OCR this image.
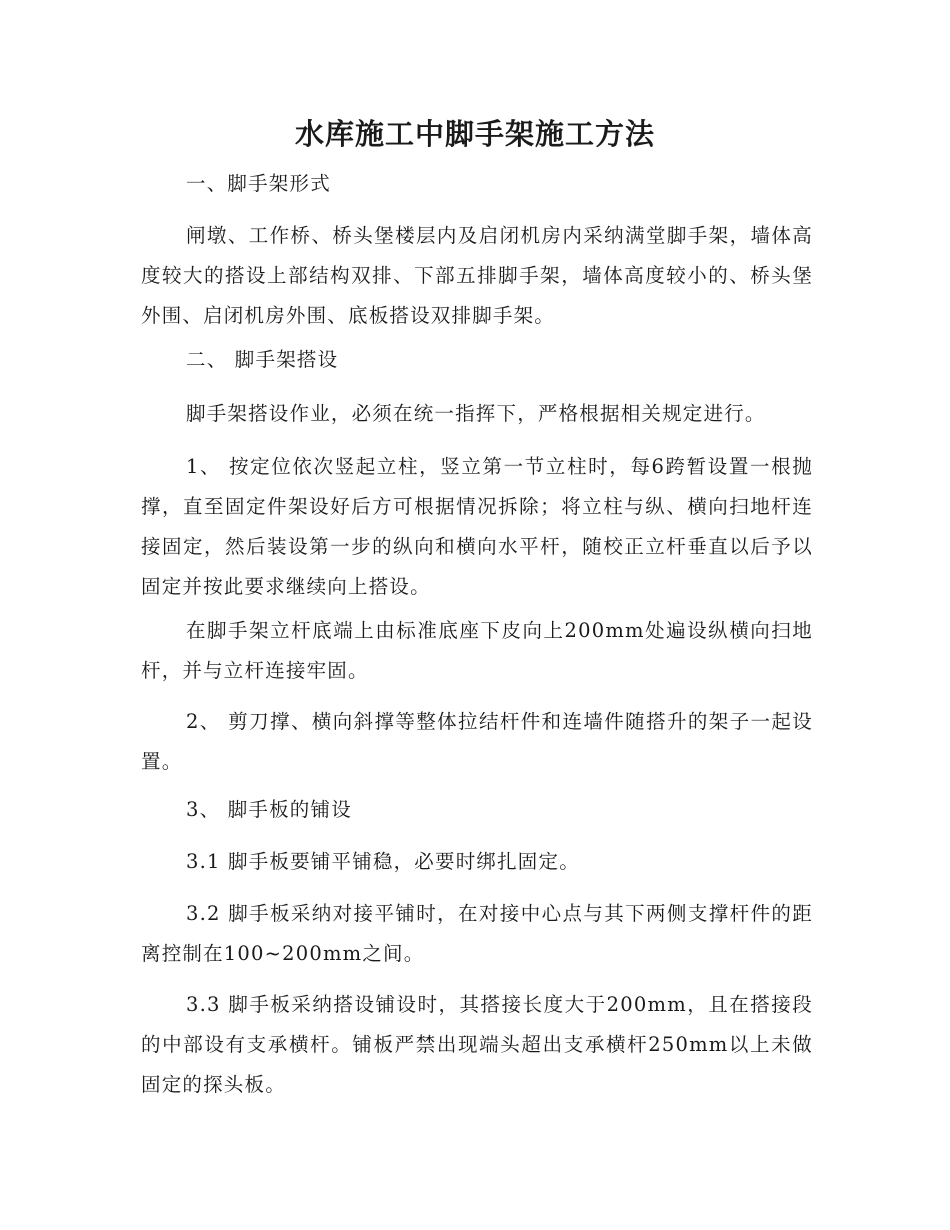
水库施工中脚手架施工方法

一、脚手架形式

闸墩、工作桥、桥头堡楼层内及启闭机房内采纳满堂脚手架，墙体高度较大的搭设上部结构双排、下部五排脚手架，墙体高度较小的、桥头堡外围、启闭机房外围、底板搭设双排脚手架。

二、 脚手架搭设

脚手架搭设作业，必须在统一指挥下，严格根据相关规定进行。

1、 按定位依次竖起立柱，竖立第一节立柱时，每6跨暂设置一根抛撑，直至固定件架设好后方可根据情况拆除；将立柱与纵、横向扫地杆连接固定，然后装设第一步的纵向和横向水平杆，随校正立杆垂直以后予以固定并按此要求继续向上搭设。

在脚手架立杆底端上由标准底座下皮向上200mm处遍设纵横向扫地杆，并与立杆连接牢固。

2、 剪刀撑、横向斜撑等整体拉结杆件和连墙件随搭升的架子一起设置。

3、 脚手板的铺设

3.1 脚手板要铺平铺稳，必要时绑扎固定。

3.2 脚手板采纳对接平铺时，在对接中心点与其下两侧支撑杆件的距离控制在100~200mm之间。

3.3 脚手板采纳搭设铺设时，其搭接长度大于200mm，且在搭接段的中部设有支承横杆。铺板严禁出现端头超出支承横杆250mm以上未做固定的探头板。
